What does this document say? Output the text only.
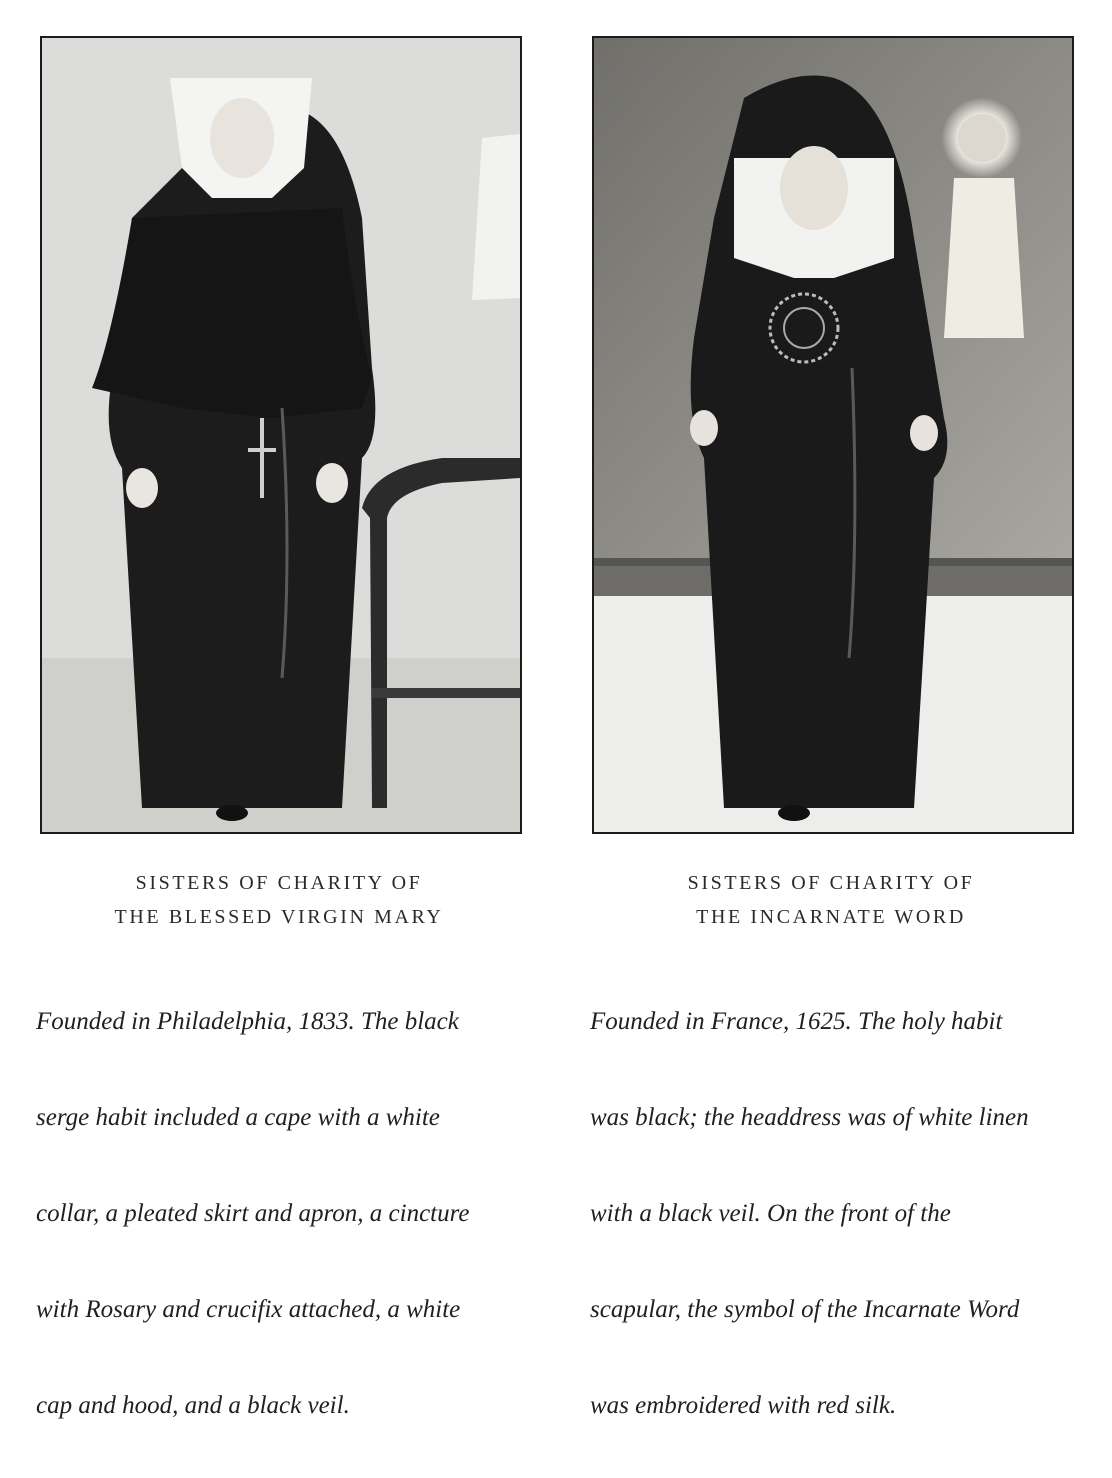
SISTERS OF CHARITY OF
THE BLESSED VIRGIN MARY
SISTERS OF CHARITY OF
THE INCARNATE WORD

Founded in Philadelphia, 1833. The black

serge habit included a cape with a white

collar, a pleated skirt and apron, a cincture

with Rosary and crucifix attached, a white

cap and hood, and a black veil.

Founded in France, 1625. The holy habit

was black; the headdress was of white linen

with a black veil. On the front of the

scapular, the symbol of the Incarnate Word

was embroidered with red silk.
